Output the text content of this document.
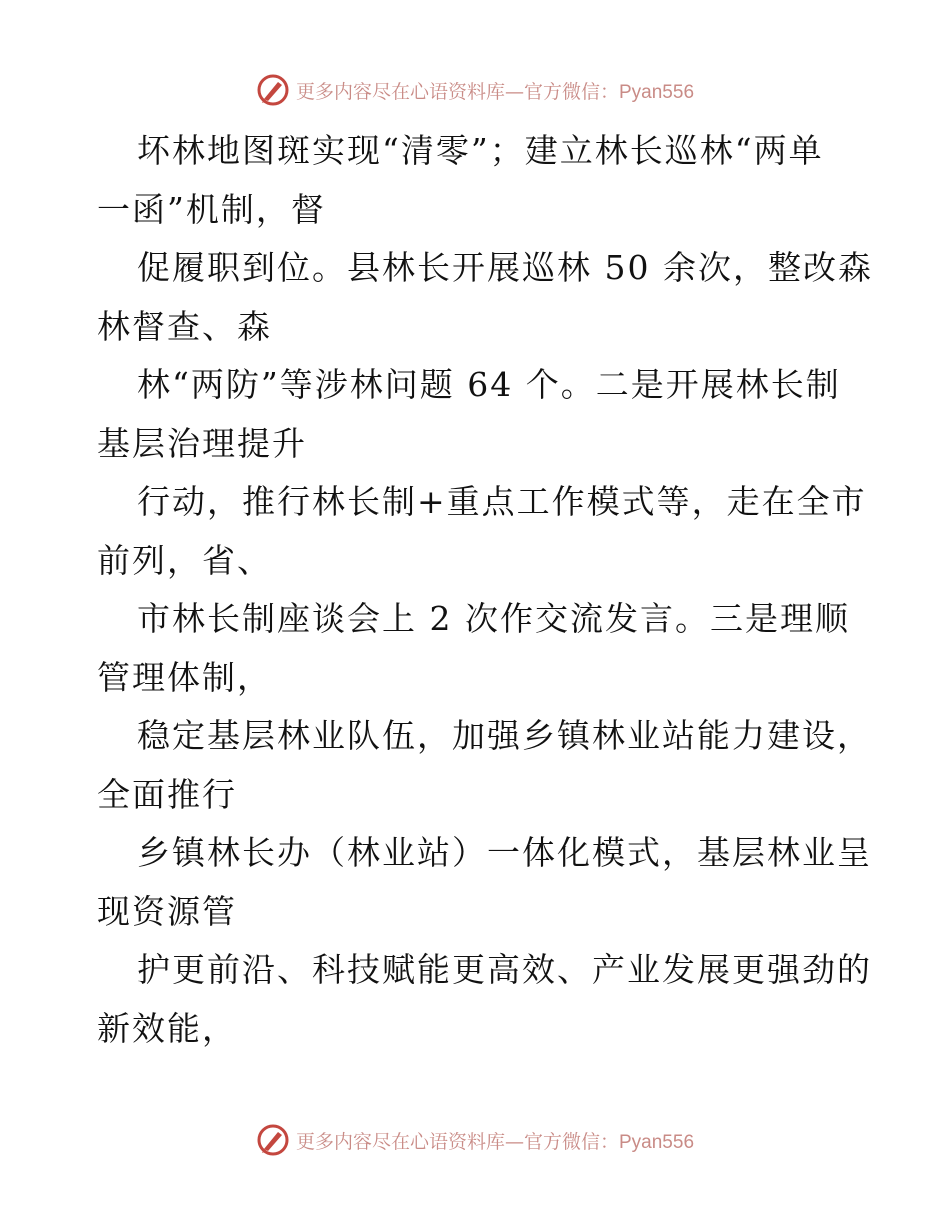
更多内容尽在心语资料库—官方微信：Pyan556
坏林地图斑实现“清零”；建立林长巡林“两单
一函”机制，督
促履职到位。县林长开展巡林 50 余次，整改森
林督查、森
林“两防”等涉林问题 64 个。二是开展林长制
基层治理提升
行动，推行林长制+重点工作模式等，走在全市
前列，省、
市林长制座谈会上 2 次作交流发言。三是理顺
管理体制，
稳定基层林业队伍，加强乡镇林业站能力建设，
全面推行
乡镇林长办（林业站）一体化模式，基层林业呈
现资源管
护更前沿、科技赋能更高效、产业发展更强劲的
新效能，
更多内容尽在心语资料库—官方微信：Pyan556
